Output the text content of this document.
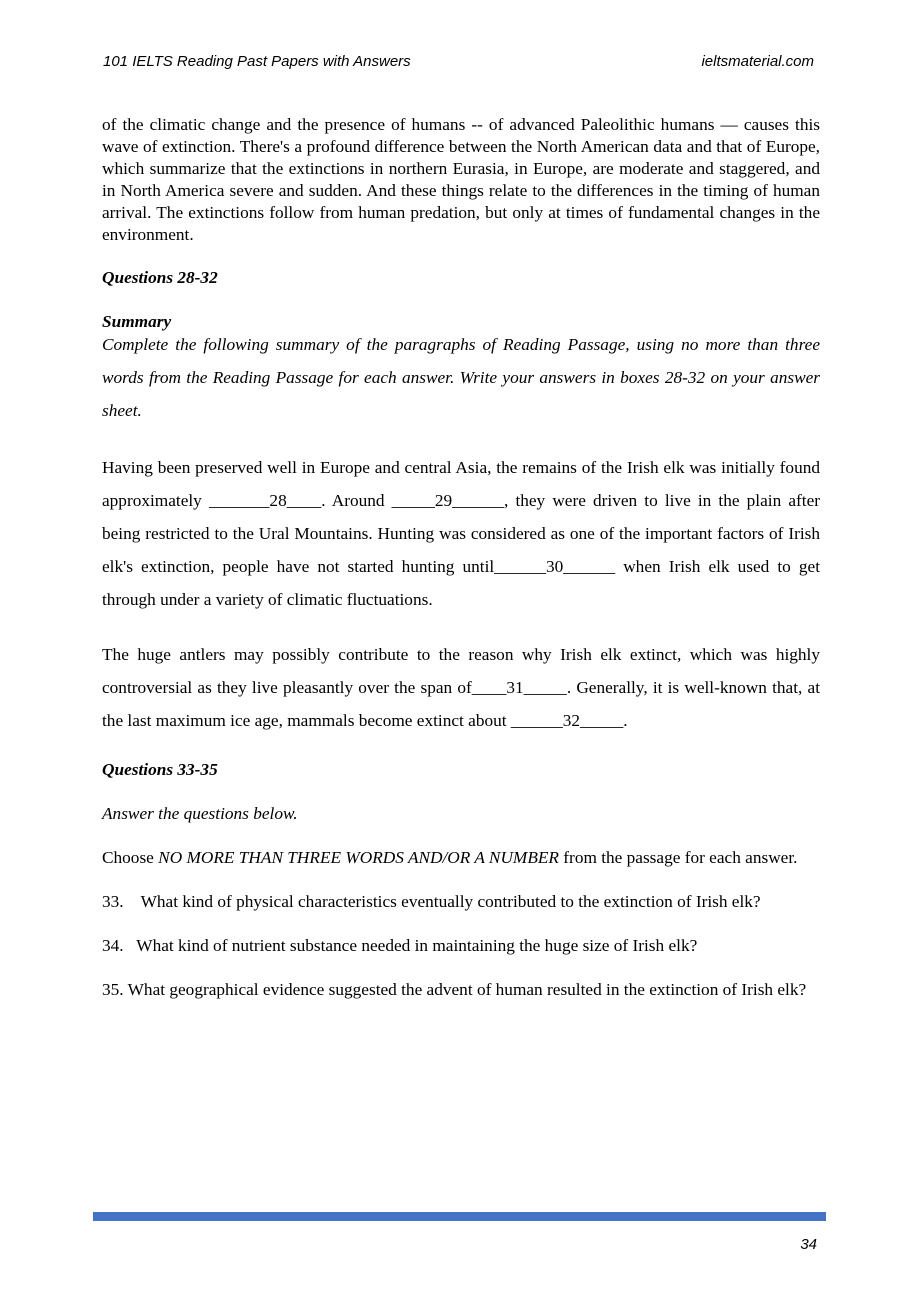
101 IELTS Reading Past Papers with Answers	ieltsmaterial.com

of the climatic change and the presence of humans -- of advanced Paleolithic humans — causes this wave of extinction. There's a profound difference between the North American data and that of Europe, which summarize that the extinctions in northern Eurasia, in Europe, are moderate and staggered, and in North America severe and sudden. And these things relate to the differences in the timing of human arrival. The extinctions follow from human predation, but only at times of fundamental changes in the environment.

Questions 28-32

Summary

Complete the following summary of the paragraphs of Reading Passage, using no more than three words from the Reading Passage for each answer. Write your answers in boxes 28-32 on your answer sheet.

Having been preserved well in Europe and central Asia, the remains of the Irish elk was initially found approximately _______28____. Around _____29______, they were driven to live in the plain after being restricted to the Ural Mountains. Hunting was considered as one of the important factors of Irish elk's extinction, people have not started hunting until______30______ when Irish elk used to get through under a variety of climatic fluctuations.

The huge antlers may possibly contribute to the reason why Irish elk extinct, which was highly controversial as they live pleasantly over the span of____31_____. Generally, it is well-known that, at the last maximum ice age, mammals become extinct about ______32_____.

Questions 33-35

Answer the questions below.

Choose NO MORE THAN THREE WORDS AND/OR A NUMBER from the passage for each answer.

33. What kind of physical characteristics eventually contributed to the extinction of Irish elk?

34. What kind of nutrient substance needed in maintaining the huge size of Irish elk?

35. What geographical evidence suggested the advent of human resulted in the extinction of Irish elk?

34
